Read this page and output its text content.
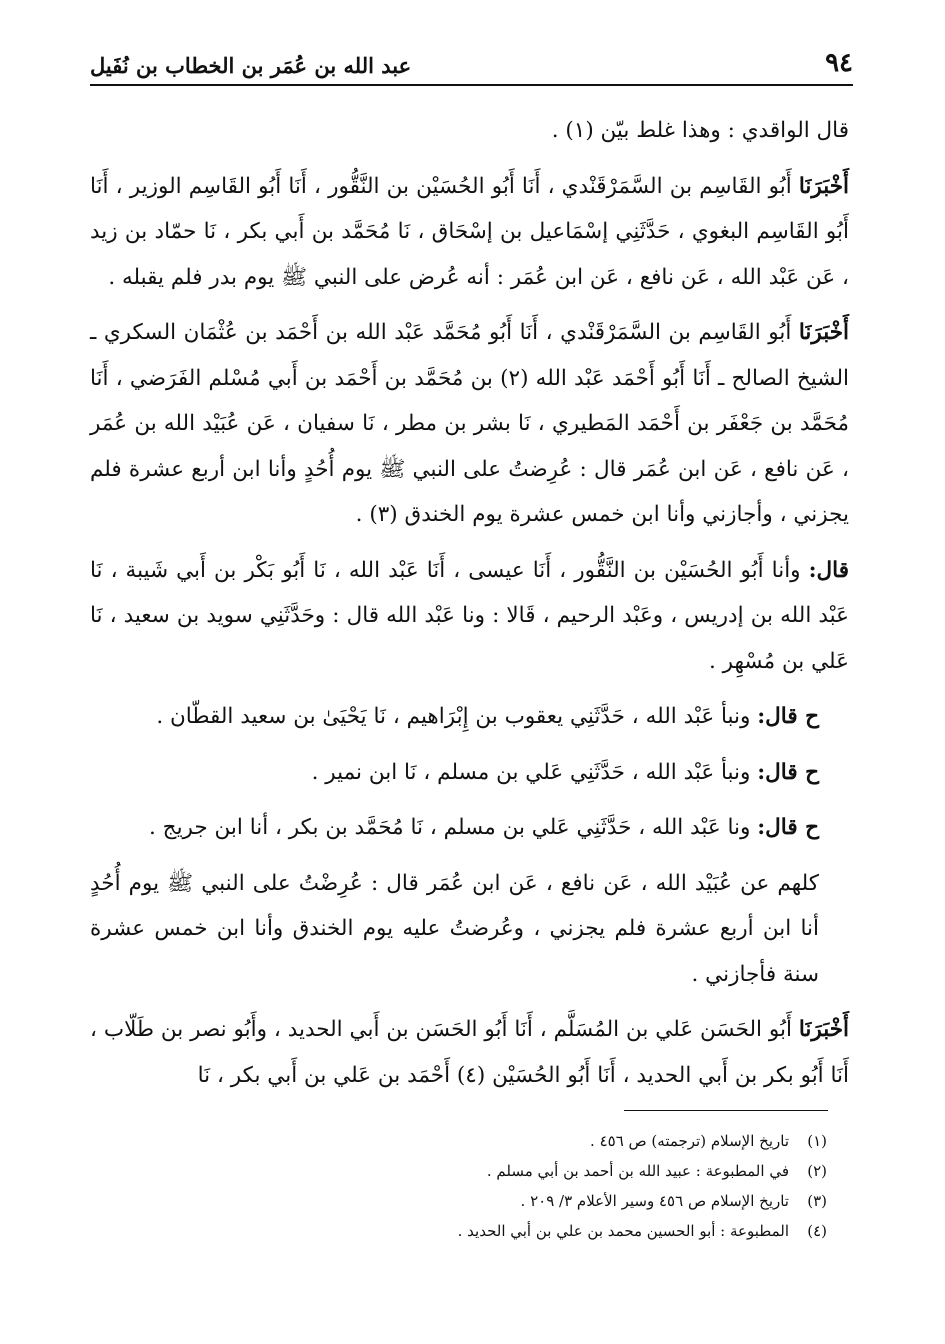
٩٤
عبد الله بن عُمَر بن الخطاب بن نُفَيل

قال الواقدي : وهذا غلط بيّن (١) .

أَخْبَرَنَا أَبُو القَاسِم بن السَّمَرْقَنْدي ، أَنَا أَبُو الحُسَيْن بن النَّقُّور ، أَنَا أَبُو القَاسِم الوزير ، أَنَا أَبُو القَاسِم البغوي ، حَدَّثَنِي إسْمَاعيل بن إسْحَاق ، نَا مُحَمَّد بن أَبي بكر ، نَا حمّاد بن زيد ، عَن عَبْد الله ، عَن نافع ، عَن ابن عُمَر : أنه عُرض على النبي ﷺ يوم بدر فلم يقبله .

أَخْبَرَنَا أَبُو القَاسِم بن السَّمَرْقَنْدي ، أَنَا أَبُو مُحَمَّد عَبْد الله بن أَحْمَد بن عُثْمَان السكري ـ الشيخ الصالح ـ أَنَا أَبُو أَحْمَد عَبْد الله (٢) بن مُحَمَّد بن أَحْمَد بن أَبي مُسْلم الفَرَضي ، أَنَا مُحَمَّد بن جَعْفَر بن أَحْمَد المَطيري ، نَا بشر بن مطر ، نَا سفيان ، عَن عُبَيْد الله بن عُمَر ، عَن نافع ، عَن ابن عُمَر قال : عُرِضتُ على النبي ﷺ يوم أُحُدٍ وأنا ابن أربع عشرة فلم يجزني ، وأجازني وأنا ابن خمس عشرة يوم الخندق (٣) .

قال: وأنا أَبُو الحُسَيْن بن النَّقُّور ، أَنَا عيسى ، أَنَا عَبْد الله ، نَا أَبُو بَكْر بن أَبي شَيبة ، نَا عَبْد الله بن إدريس ، وعَبْد الرحيم ، قَالا : ونا عَبْد الله قال : وحَدَّثَنِي سويد بن سعيد ، نَا عَلي بن مُسْهِر .

ح قال: ونبأ عَبْد الله ، حَدَّثَنِي يعقوب بن إِبْرَاهيم ، نَا يَحْيَىٰ بن سعيد القطّان .

ح قال: ونبأ عَبْد الله ، حَدَّثَنِي عَلي بن مسلم ، نَا ابن نمير .

ح قال: ونا عَبْد الله ، حَدَّثَنِي عَلي بن مسلم ، نَا مُحَمَّد بن بكر ، أنا ابن جريج .

كلهم عن عُبَيْد الله ، عَن نافع ، عَن ابن عُمَر قال : عُرِضْتُ على النبي ﷺ يوم أُحُدٍ أنا ابن أربع عشرة فلم يجزني ، وعُرضتُ عليه يوم الخندق وأنا ابن خمس عشرة سنة فأجازني .

أَخْبَرَنَا أَبُو الحَسَن عَلي بن المُسَلَّم ، أَنَا أَبُو الحَسَن بن أَبي الحديد ، وأَبُو نصر بن طَلّاب ، أَنَا أَبُو بكر بن أَبي الحديد ، أَنَا أَبُو الحُسَيْن (٤) أَحْمَد بن عَلي بن أَبي بكر ، نَا

(١)
تاريخ الإسلام (ترجمته) ص ٤٥٦ .
(٢)
في المطبوعة : عبيد الله بن أحمد بن أبي مسلم .
(٣)
تاريخ الإسلام ص ٤٥٦ وسير الأعلام ٣/ ٢٠٩ .
(٤)
المطبوعة : أبو الحسين محمد بن علي بن أبي الحديد .
